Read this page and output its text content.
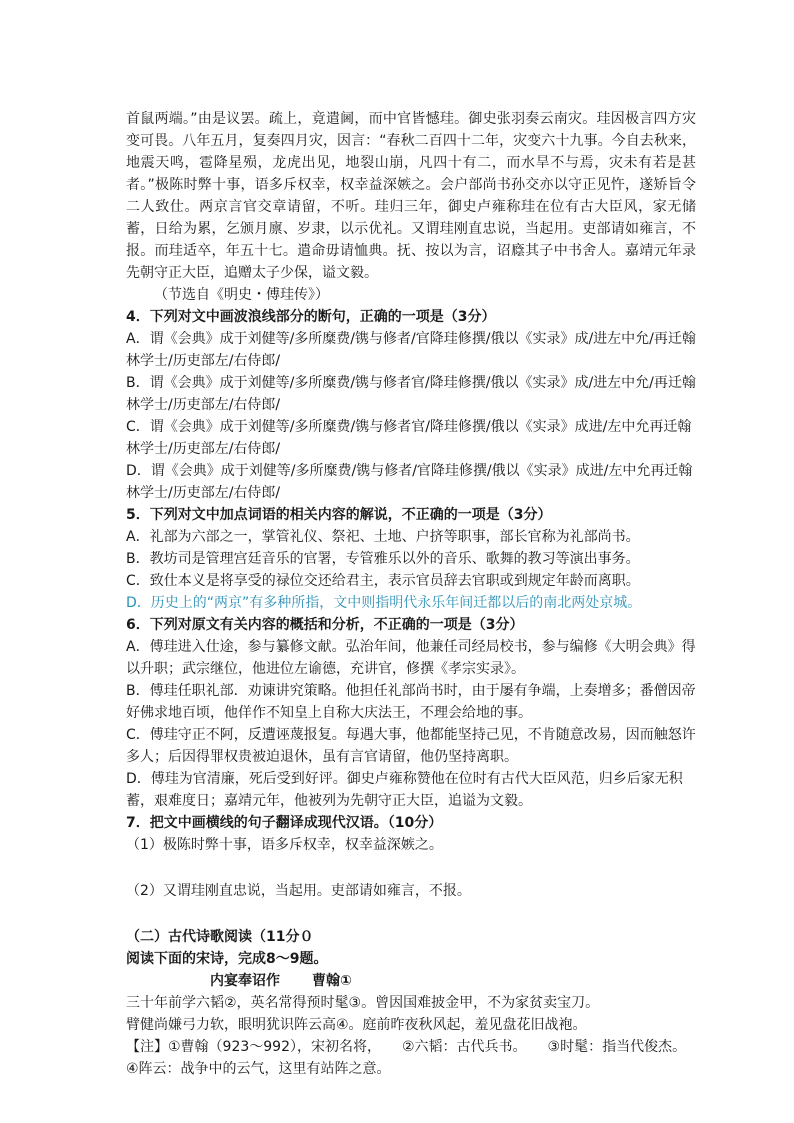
首鼠两端。”由是议罢。疏上，竟遣阃，而中官皆憾珪。御史张羽奏云南灾。珪因极言四方灾变可畏。八年五月，复奏四月灾，因言：“春秋二百四十二年，灾变六十九事。今自去秋来，地震天鸣，雹降星殒，龙虎出见，地裂山崩，凡四十有二，而水旱不与焉，灾未有若是甚者。”极陈时弊十事，语多斥权幸，权幸益深嫉之。会户部尚书孙交亦以守正见忤，遂矫旨令二人致仕。两京言官交章请留，不听。珪归三年，御史卢雍称珪在位有古大臣风，家无储蓄，日给为累，乞颁月廪、岁隶，以示优礼。又谓珪刚直忠说，当起用。吏部请如雍言，不报。而珪适卒，年五十七。遣命毋请恤典。抚、按以为言，诏廕其子中书舍人。嘉靖元年录先朝守正大臣，追赠太子少保，谥文毅。

（节选自《明史・傅珪传》）

4．下列对文中画波浪线部分的断句，正确的一项是（3分）

A．谓《会典》成于刘健等/多所糜费/镌与修者/官降珪修撰/俄以《实录》成/进左中允/再迁翰林学士/历吏部左/右侍郎/

B．谓《会典》成于刘健等/多所糜费/镌与修者官/降珪修撰/俄以《实录》成/进左中允/再迁翰林学士/历吏部左/右侍郎/

C．谓《会典》成于刘健等/多所糜费/镌与修者官/降珪修撰/俄以《实录》成进/左中允再迁翰林学士/历吏部左/右侍郎/

D．谓《会典》成于刘健等/多所糜费/镌与修者/官降珪修撰/俄以《实录》成进/左中允再迁翰林学士/历吏部左/右侍郎/

5．下列对文中加点词语的相关内容的解说，不正确的一项是（3分）

A．礼部为六部之一，掌管礼仪、祭祀、土地、户挤等职事，部长官称为礼部尚书。

B．教坊司是管理宫廷音乐的官署，专管雅乐以外的音乐、歌舞的教习等演出事务。

C．致仕本义是将享受的禄位交还给君主，表示官员辞去官职或到规定年龄而离职。

D．历史上的“两京”有多种所指，文中则指明代永乐年间迁都以后的南北两处京城。

6．下列对原文有关内容的概括和分析，不正确的一项是（3分）

A．傅珪进入仕途，参与纂修文献。弘治年间，他兼任司经局校书，参与编修《大明会典》得以升职；武宗继位，他进位左谕德，充讲官，修撰《孝宗实录》。

B．傅珪任职礼部．劝谏讲究策略。他担任礼部尚书时，由于屡有争端，上奏增多；番僧因帝好佛求地百顷，他佯作不知皇上自称大庆法王，不理会给地的事。

C．傅珪守正不阿，反遭诬蔑报复。每遇大事，他都能坚持己见，不肯随意改易，因而触怒许多人；后因得罪权贵被迫退休，虽有言官请留，他仍坚持离职。

D．傅珪为官清廉，死后受到好评。御史卢雍称赞他在位时有古代大臣风范，归乡后家无积蓄，艰难度日；嘉靖元年，他被列为先朝守正大臣，追谥为文毅。

7．把文中画横线的句子翻译成现代汉语。（10分）

（1）极陈时弊十事，语多斥权幸，权幸益深嫉之。

（2）又谓珪刚直忠说，当起用。吏部请如雍言，不报。

（二）古代诗歌阅读（11分０

阅读下面的宋诗，完成8～9题。

内宴奉诏作 曹翰①

三十年前学六韬②，英名常得预时髦③。曾因国难披金甲，不为家贫卖宝刀。

臂健尚嫌弓力软，眼明犹识阵云高④。庭前昨夜秋风起，羞见盘花旧战袍。

【注】①曹翰（923～992），宋初名将，　　②六韬：古代兵书。　　③时髦：指当代俊杰。

④阵云：战争中的云气，这里有站阵之意。
